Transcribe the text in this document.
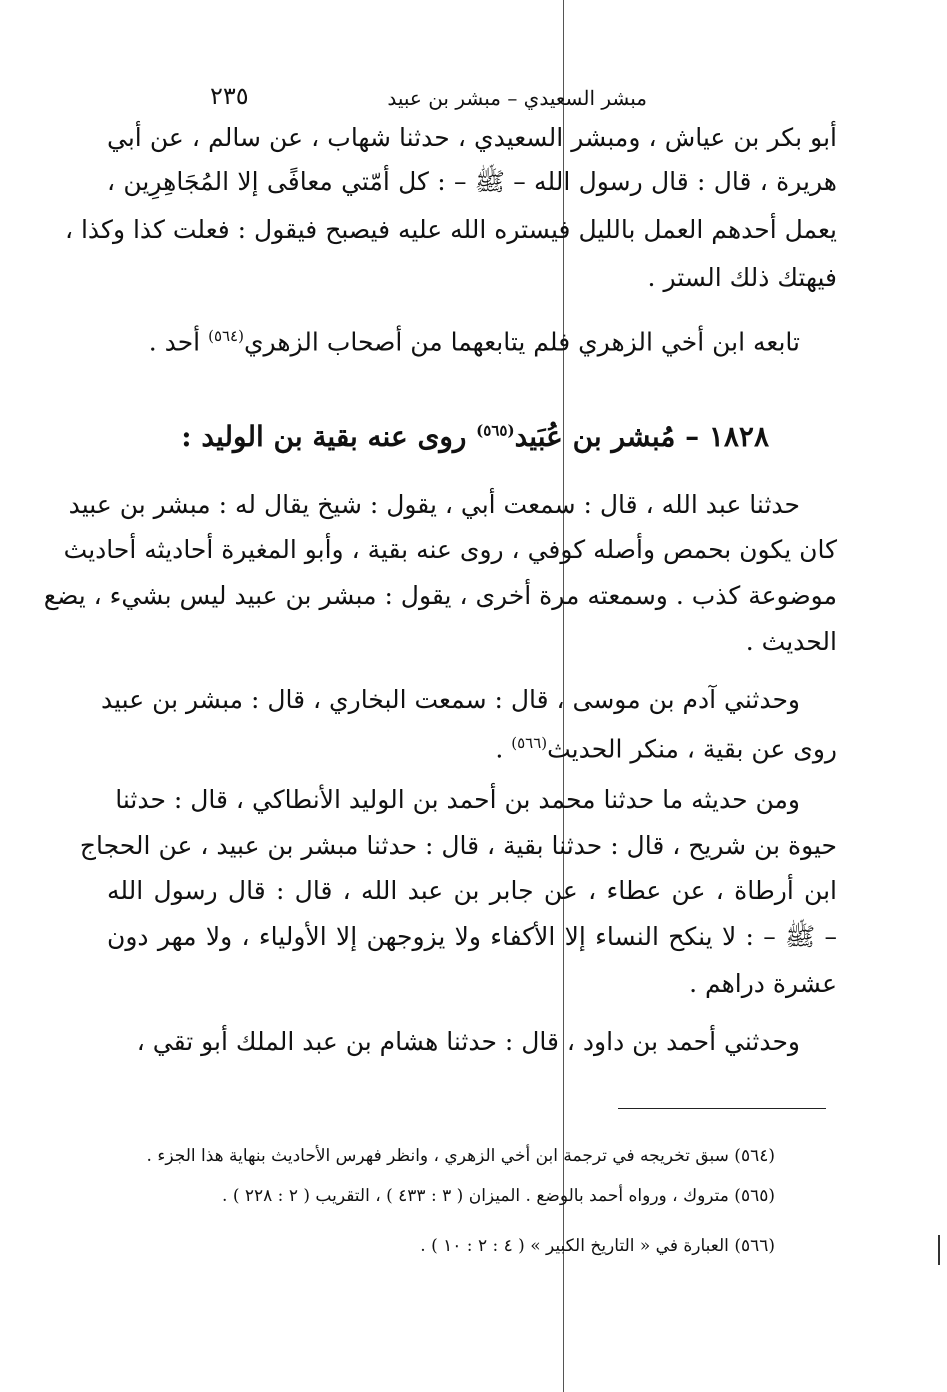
٢٣٥	مبشر السعيدي – مبشر بن عبيد
أبو بكر بن عياش ، ومبشر السعيدي ، حدثنا شهاب ، عن سالم ، عن أبي
هريرة ، قال : قال رسول الله – ﷺ – : كل أمّتي معافًى إلا المُجَاهِرِين ،
يعمل أحدهم العمل بالليل فيستره الله عليه فيصبح فيقول : فعلت كذا وكذا ،
فيهتك ذلك الستر .
تابعه ابن أخي الزهري فلم يتابعهما من أصحاب الزهري$^{(٥٦٤)}$ أحد .
١٨٢٨ – مُبشر بن عُبَيد$^{(٥٦٥)}$ روى عنه بقية بن الوليد :
حدثنا عبد الله ، قال : سمعت أبي ، يقول : شيخ يقال له : مبشر بن عبيد
كان يكون بحمص وأصله كوفي ، روى عنه بقية ، وأبو المغيرة أحاديثه أحاديث
موضوعة كذب . وسمعته مرة أخرى ، يقول : مبشر بن عبيد ليس بشيء ، يضع
الحديث .
وحدثني آدم بن موسى ، قال : سمعت البخاري ، قال : مبشر بن عبيد
روى عن بقية ، منكر الحديث$^{(٥٦٦)}$ .
ومن حديثه ما حدثنا محمد بن أحمد بن الوليد الأنطاكي ، قال : حدثنا
حيوة بن شريح ، قال : حدثنا بقية ، قال : حدثنا مبشر بن عبيد ، عن الحجاج
ابن أرطاة ، عن عطاء ، عن جابر بن عبد الله ، قال : قال رسول الله
– ﷺ – : لا ينكح النساء إلا الأكفاء ولا يزوجهن إلا الأولياء ، ولا مهر دون
عشرة دراهم .
وحدثني أحمد بن داود ، قال : حدثنا هشام بن عبد الملك أبو تقي ،
(٥٦٤) سبق تخريجه في ترجمة ابن أخي الزهري ، وانظر فهرس الأحاديث بنهاية هذا الجزء .
(٥٦٥) متروك ، ورواه أحمد بالوضع . الميزان ( ٣ : ٤٣٣ ) ، التقريب ( ٢ : ٢٢٨ ) .
(٥٦٦) العبارة في « التاريخ الكبير » ( ٤ : ٢ : ١٠ ) .
